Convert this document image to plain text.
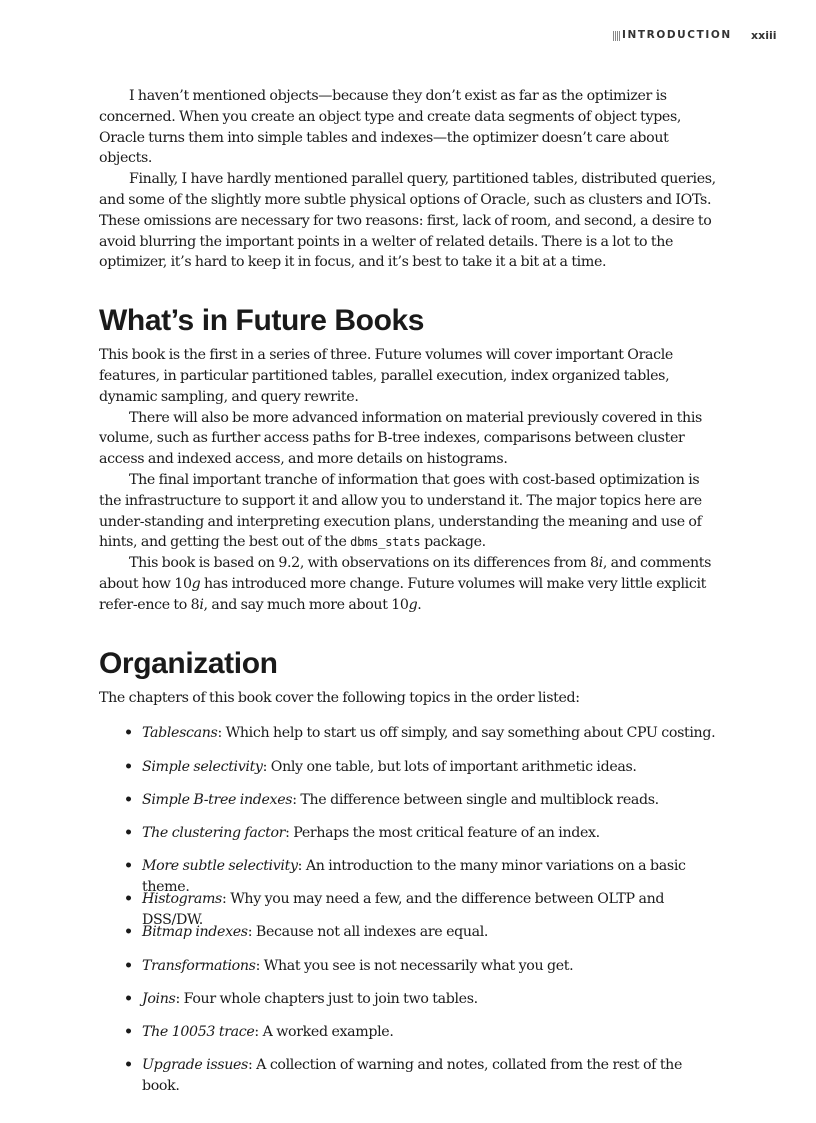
INTRODUCTION xxiii

I haven’t mentioned objects—because they don’t exist as far as the optimizer is concerned. When you create an object type and create data segments of object types, Oracle turns them into simple tables and indexes—the optimizer doesn’t care about objects.

Finally, I have hardly mentioned parallel query, partitioned tables, distributed queries, and some of the slightly more subtle physical options of Oracle, such as clusters and IOTs. These omissions are necessary for two reasons: first, lack of room, and second, a desire to avoid blurring the important points in a welter of related details. There is a lot to the optimizer, it’s hard to keep it in focus, and it’s best to take it a bit at a time.

What’s in Future Books

This book is the first in a series of three. Future volumes will cover important Oracle features, in particular partitioned tables, parallel execution, index organized tables, dynamic sampling, and query rewrite.

There will also be more advanced information on material previously covered in this volume, such as further access paths for B-tree indexes, comparisons between cluster access and indexed access, and more details on histograms.

The final important tranche of information that goes with cost-based optimization is the infrastructure to support it and allow you to understand it. The major topics here are under-standing and interpreting execution plans, understanding the meaning and use of hints, and getting the best out of the dbms_stats package.

This book is based on 9.2, with observations on its differences from 8i, and comments about how 10g has introduced more change. Future volumes will make very little explicit refer-ence to 8i, and say much more about 10g.

Organization

The chapters of this book cover the following topics in the order listed:

• Tablescans: Which help to start us off simply, and say something about CPU costing.
• Simple selectivity: Only one table, but lots of important arithmetic ideas.
• Simple B-tree indexes: The difference between single and multiblock reads.
• The clustering factor: Perhaps the most critical feature of an index.
• More subtle selectivity: An introduction to the many minor variations on a basic theme.
• Histograms: Why you may need a few, and the difference between OLTP and DSS/DW.
• Bitmap indexes: Because not all indexes are equal.
• Transformations: What you see is not necessarily what you get.
• Joins: Four whole chapters just to join two tables.
• The 10053 trace: A worked example.
• Upgrade issues: A collection of warning and notes, collated from the rest of the book.
